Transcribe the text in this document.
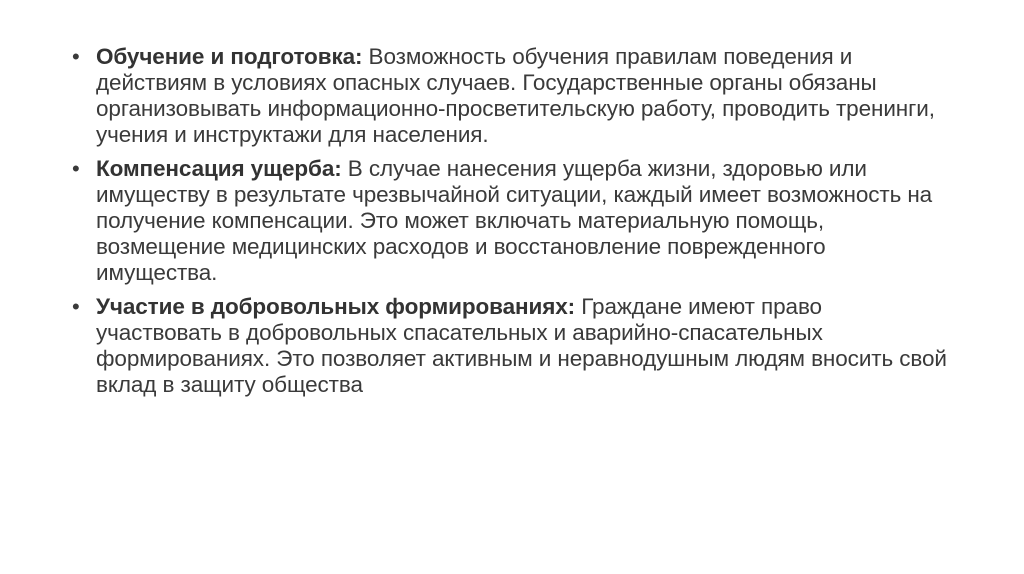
• Обучение и подготовка: Возможность обучения правилам поведения и действиям в условиях опасных случаев. Государственные органы обязаны организовывать информационно-просветительскую работу, проводить тренинги, учения и инструктажи для населения.
• Компенсация ущерба: В случае нанесения ущерба жизни, здоровью или имуществу в результате чрезвычайной ситуации, каждый имеет возможность на получение компенсации. Это может включать материальную помощь, возмещение медицинских расходов и восстановление поврежденного имущества.
• Участие в добровольных формированиях: Граждане имеют право участвовать в добровольных спасательных и аварийно-спасательных формированиях. Это позволяет активным и неравнодушным людям вносить свой вклад в защиту общества
